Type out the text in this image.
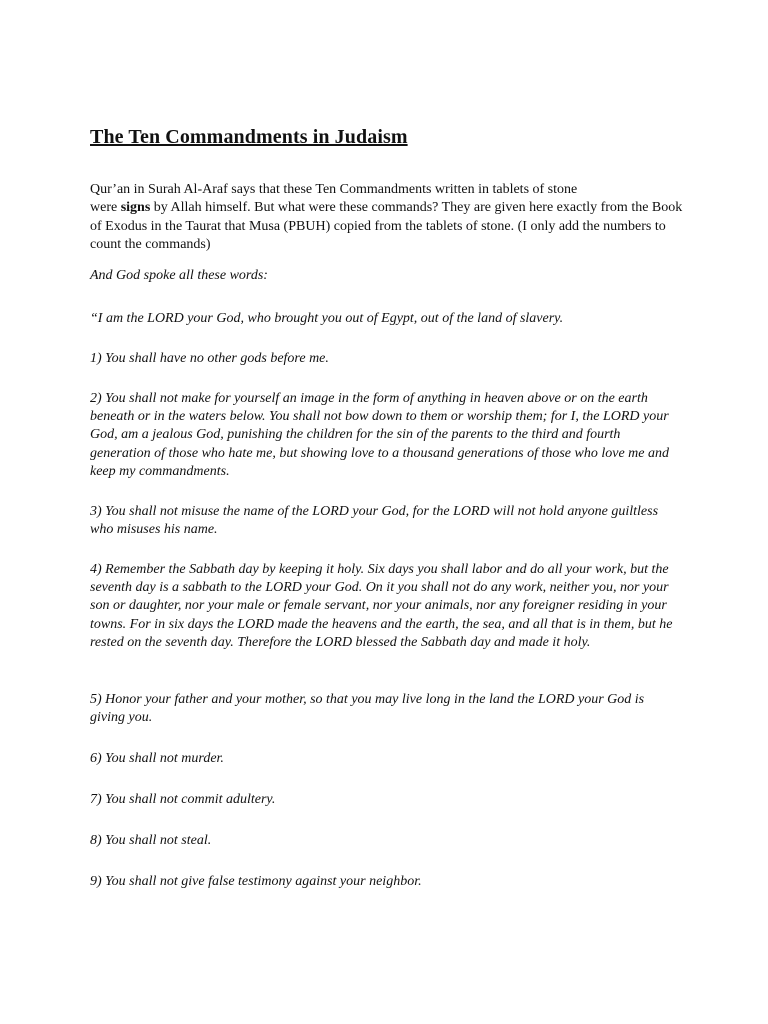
The Ten Commandments in Judaism

Qur’an in Surah Al-Araf says that these Ten Commandments written in tablets of stone
were signs by Allah himself. But what were these commands? They are given here exactly from the Book of Exodus in the Taurat that Musa (PBUH) copied from the tablets of stone. (I only add the numbers to count the commands)

And God spoke all these words:

“I am the LORD your God, who brought you out of Egypt, out of the land of slavery.

1) You shall have no other gods before me.

2) You shall not make for yourself an image in the form of anything in heaven above or on the earth beneath or in the waters below. You shall not bow down to them or worship them; for I, the LORD your God, am a jealous God, punishing the children for the sin of the parents to the third and fourth generation of those who hate me, but showing love to a thousand generations of those who love me and keep my commandments.

3) You shall not misuse the name of the LORD your God, for the LORD will not hold anyone guiltless who misuses his name.

4) Remember the Sabbath day by keeping it holy. Six days you shall labor and do all your work, but the seventh day is a sabbath to the LORD your God. On it you shall not do any work, neither you, nor your son or daughter, nor your male or female servant, nor your animals, nor any foreigner residing in your towns. For in six days the LORD made the heavens and the earth, the sea, and all that is in them, but he rested on the seventh day. Therefore the LORD blessed the Sabbath day and made it holy.

5) Honor your father and your mother, so that you may live long in the land the LORD your God is giving you.

6) You shall not murder.

7) You shall not commit adultery.

8) You shall not steal.

9) You shall not give false testimony against your neighbor.
